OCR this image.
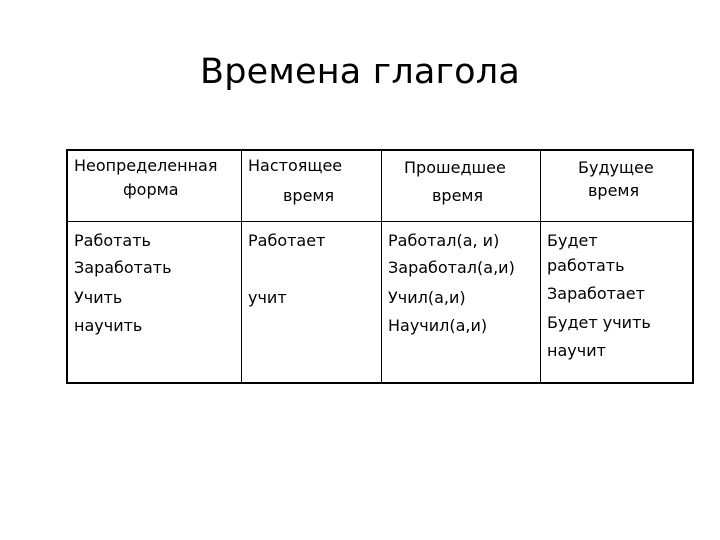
Времена глагола
Неопределенная
форма
Настоящее
время
Прошедшее
время
Будущее
время
Работать
Заработать
Учить
научить
Работает
учит
Работал(а, и)
Заработал(а,и)
Учил(а,и)
Научил(а,и)
Будет
работать
Заработает
Будет учить
научит
